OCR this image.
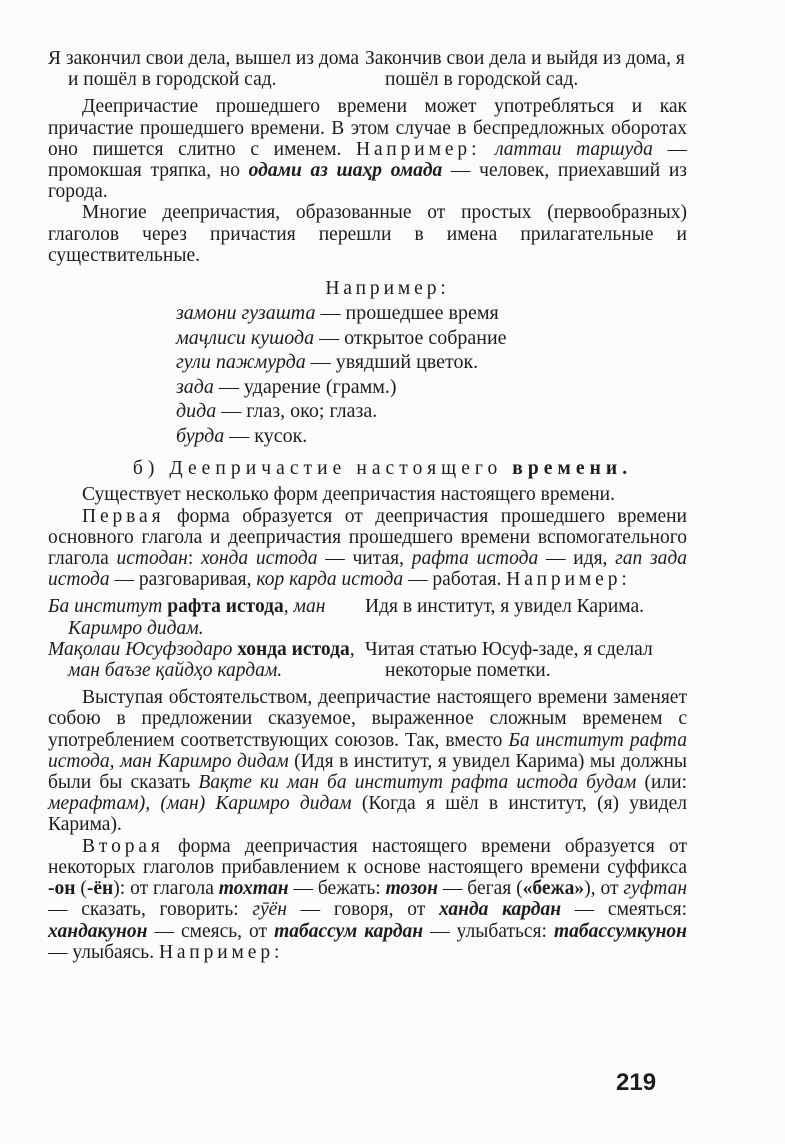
Я закончил свои дела, вышел из дома и пошёл в городской сад.

Закончив свои дела и выйдя из дома, я пошёл в городской сад.

Деепричастие прошедшего времени может употребляться и как причастие прошедшего времени. В этом случае в беспредложных оборотах оно пишется слитно с именем. Например: латтаи таршуда — промокшая тряпка, но одами аз шаҳр омада — человек, приехавший из города.

Многие деепричастия, образованные от простых (первообразных) глаголов через причастия перешли в имена прилагательные и существительные.

Например:

замони гузашта — прошедшее время
маҷлиси кушода — открытое собрание
гули пажмурда — увядший цветок.
зада — ударение (грамм.)
дида — глаз, око; глаза.
бурда — кусок.

б) Деепричастие настоящего времени.

Существует несколько форм деепричастия настоящего времени.

Первая форма образуется от деепричастия прошедшего времени основного глагола и деепричастия прошедшего времени вспомогательного глагола истодан: хонда истода — читая, рафта истода — идя, гап зада истода — разговаривая, кор карда истода — работая. Например:

Ба институт рафта истода, ман Каримро дидам.

Идя в институт, я увидел Карима.

Мақолаи Юсуфзодаро хонда истода, ман баъзе қайдҳо кардам.

Читая статью Юсуф-заде, я сделал некоторые пометки.

Выступая обстоятельством, деепричастие настоящего времени заменяет собою в предложении сказуемое, выраженное сложным временем с употреблением соответствующих союзов. Так, вместо Ба институт рафта истода, ман Каримро дидам (Идя в институт, я увидел Карима) мы должны были бы сказать Вақте ки ман ба институт рафта истода будам (или: мерафтам), (ман) Каримро дидам (Когда я шёл в институт, (я) увидел Карима).

Вторая форма деепричастия настоящего времени образуется от некоторых глаголов прибавлением к основе настоящего времени суффикса -он (-ён): от глагола тохтан — бежать: тозон — бегая («бежа»), от гуфтан — сказать, говорить: гӯён — говоря, от ханда кардан — смеяться: хандакунон — смеясь, от табассум кардан — улыбаться: табассумкунон — улыбаясь. Например:

219
